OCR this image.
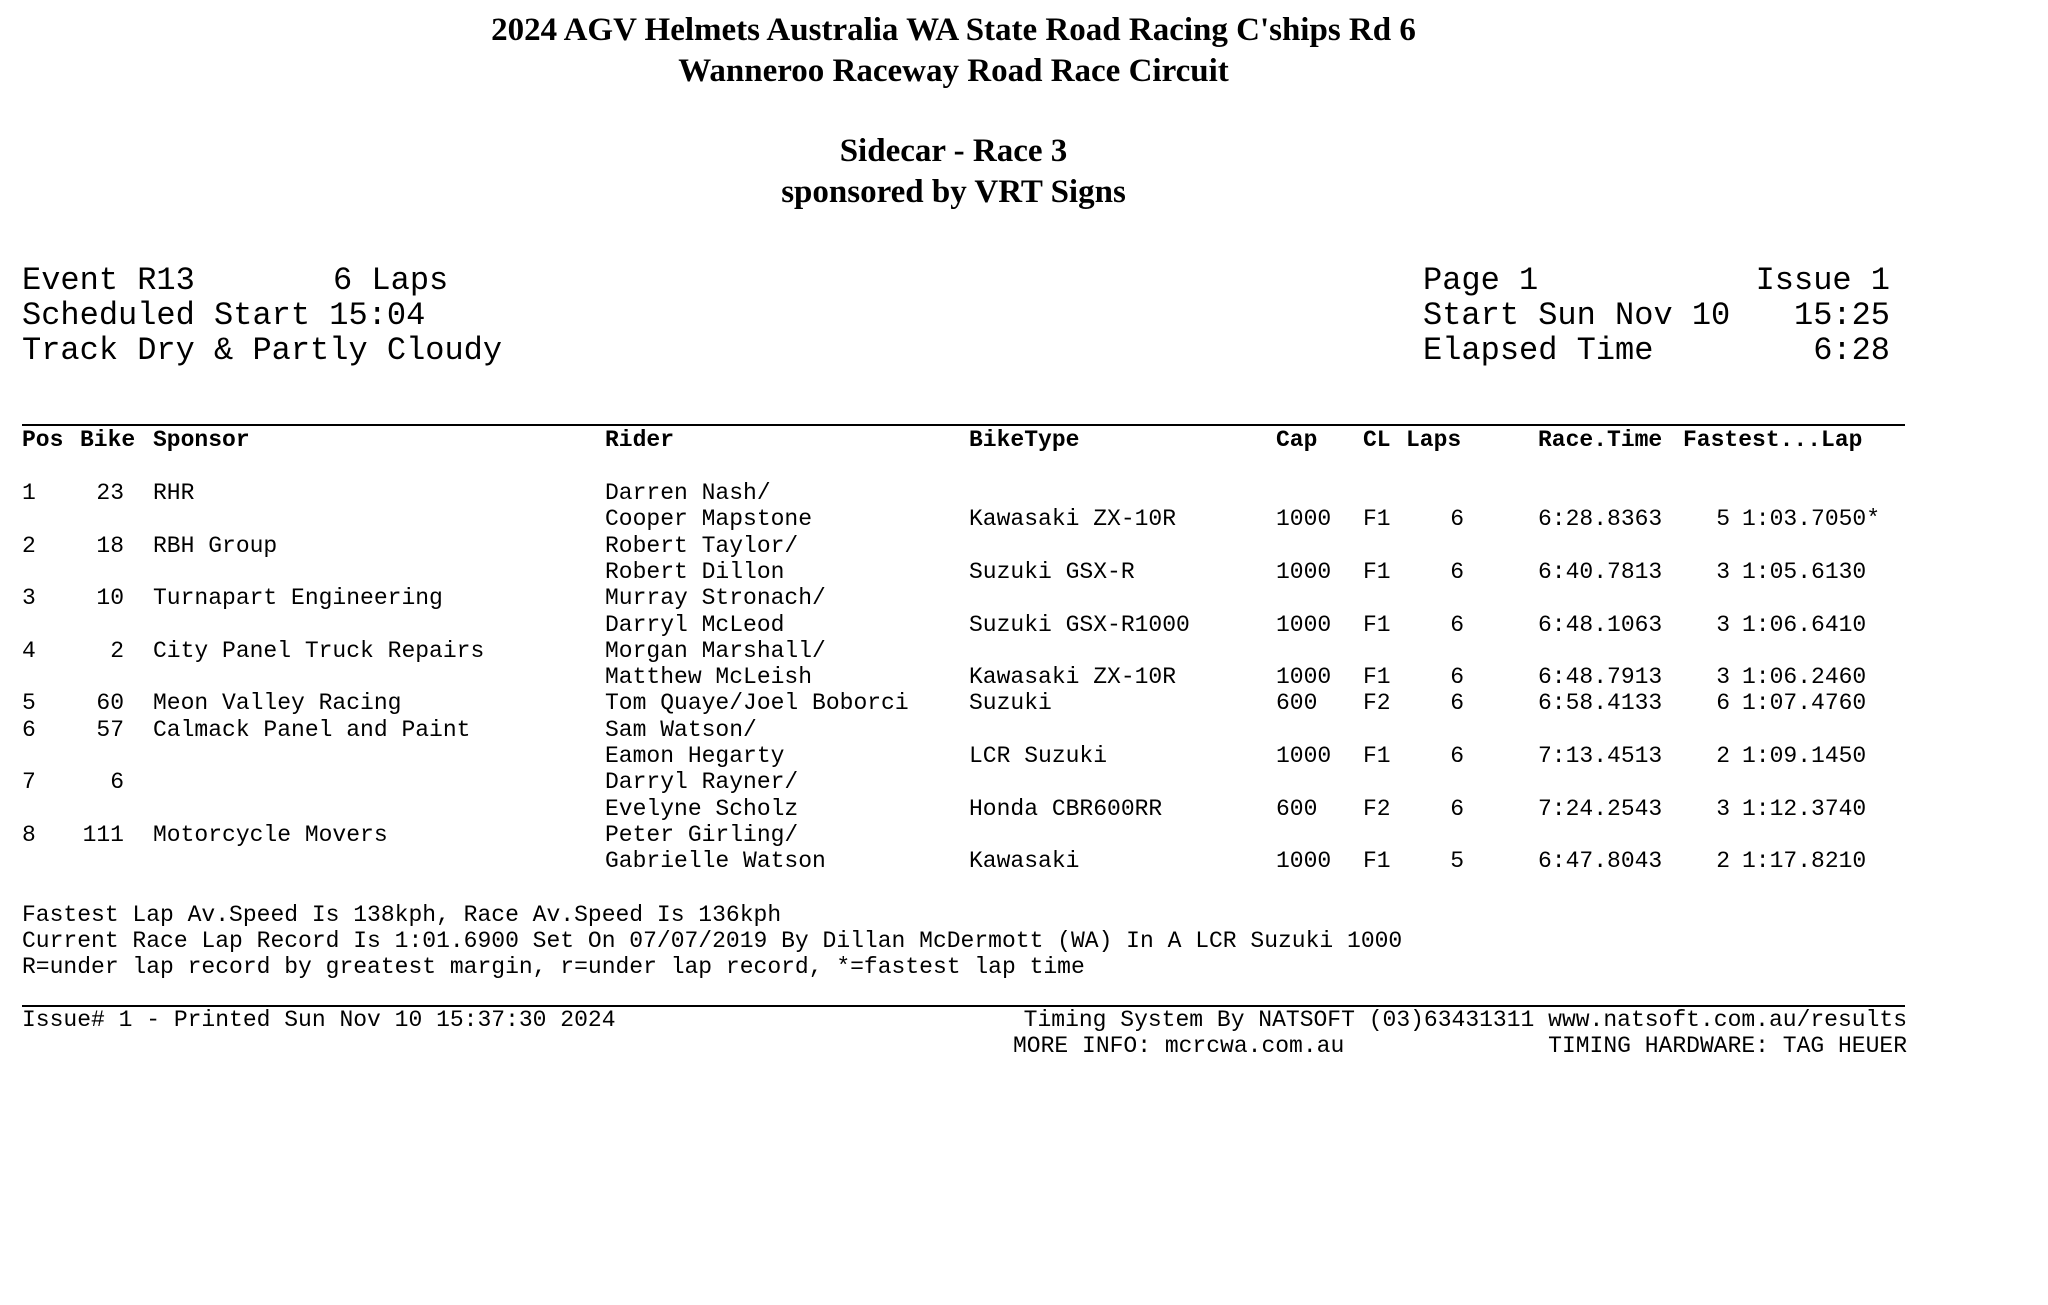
2024 AGV Helmets Australia WA State Road Racing C'ships Rd 6
Wanneroo Raceway Road Race Circuit
Sidecar - Race 3
sponsored by VRT Signs
Event R13	6 Laps
Scheduled Start 15:04
Track Dry & Partly Cloudy
Page 1	Issue 1
Start Sun Nov 10	15:25
Elapsed Time	6:28
Pos Bike Sponsor	Rider	BikeType	Cap CL Laps	Race.Time Fastest...Lap
1	23 RHR	Darren Nash/
Cooper Mapstone	Kawasaki ZX-10R	1000 F1	6	6:28.8363	5 1:03.7050*
2	18 RBH Group	Robert Taylor/
Robert Dillon	Suzuki GSX-R	1000 F1	6	6:40.7813	3 1:05.6130
3	10 Turnapart Engineering	Murray Stronach/
Darryl McLeod	Suzuki GSX-R1000	1000 F1	6	6:48.1063	3 1:06.6410
4	2 City Panel Truck Repairs	Morgan Marshall/
Matthew McLeish	Kawasaki ZX-10R	1000 F1	6	6:48.7913	3 1:06.2460
5	60 Meon Valley Racing	Tom Quaye/Joel Boborci	Suzuki	600 F2	6	6:58.4133	6 1:07.4760
6	57 Calmack Panel and Paint	Sam Watson/
Eamon Hegarty	LCR Suzuki	1000 F1	6	7:13.4513	2 1:09.1450
7	6	Darryl Rayner/
Evelyne Scholz	Honda CBR600RR	600 F2	6	7:24.2543	3 1:12.3740
8	111 Motorcycle Movers	Peter Girling/
Gabrielle Watson	Kawasaki	1000 F1	5	6:47.8043	2 1:17.8210
Fastest Lap Av.Speed Is 138kph, Race Av.Speed Is 136kph
Current Race Lap Record Is 1:01.6900 Set On 07/07/2019 By Dillan McDermott (WA) In A LCR Suzuki 1000
R=under lap record by greatest margin, r=under lap record, *=fastest lap time
Issue# 1 - Printed Sun Nov 10 15:37:30 2024	Timing System By NATSOFT (03)63431311 www.natsoft.com.au/results
MORE INFO: mcrcwa.com.au	TIMING HARDWARE: TAG HEUER
